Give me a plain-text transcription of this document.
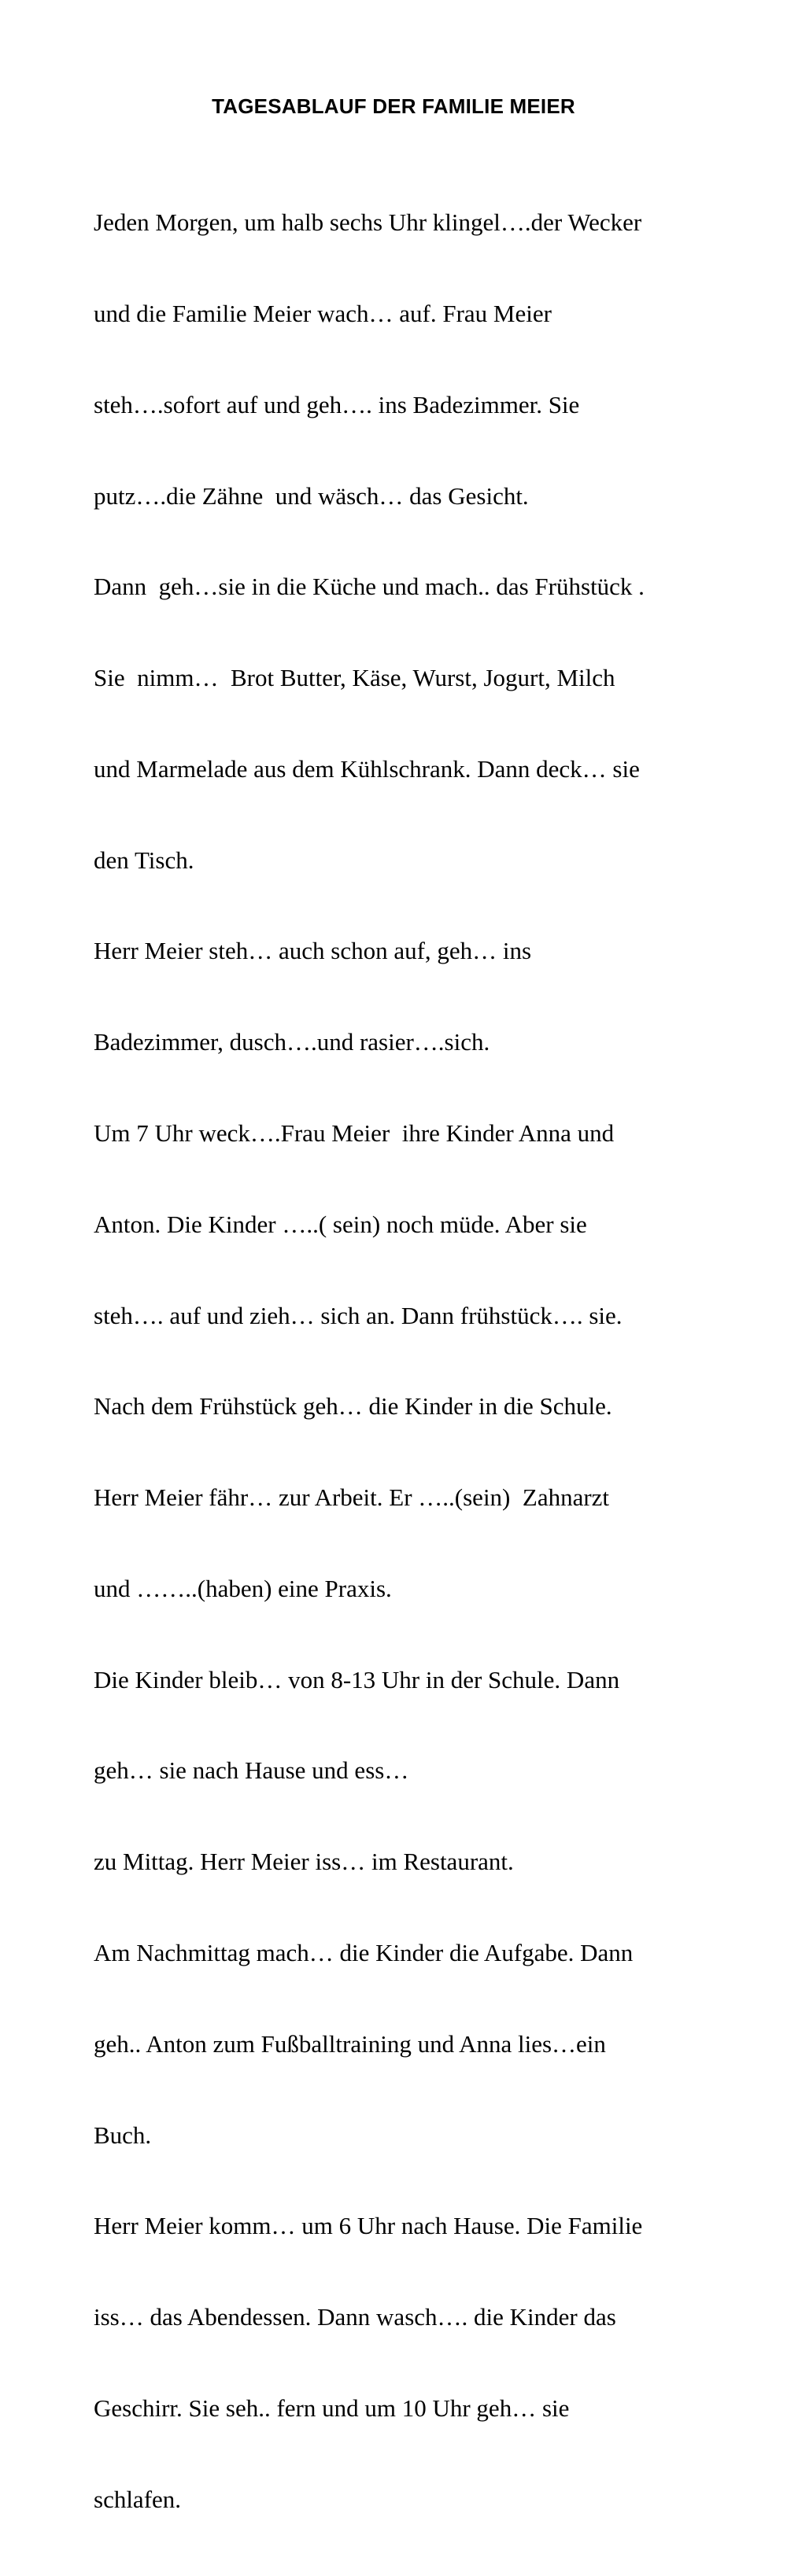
TAGESABLAUF DER FAMILIE MEIER

Jeden Morgen, um halb sechs Uhr klingel….der Wecker

und die Familie Meier wach… auf. Frau Meier

steh….sofort auf und geh…. ins Badezimmer. Sie

putz….die Zähne  und wäsch… das Gesicht.

Dann  geh…sie in die Küche und mach.. das Frühstück .

Sie  nimm…  Brot Butter, Käse, Wurst, Jogurt, Milch

und Marmelade aus dem Kühlschrank. Dann deck… sie

den Tisch.

Herr Meier steh… auch schon auf, geh… ins

Badezimmer, dusch….und rasier….sich.

Um 7 Uhr weck….Frau Meier  ihre Kinder Anna und

Anton. Die Kinder …..( sein) noch müde. Aber sie

steh…. auf und zieh… sich an. Dann frühstück…. sie.

Nach dem Frühstück geh… die Kinder in die Schule.

Herr Meier fähr… zur Arbeit. Er …..(sein)  Zahnarzt

und ……..(haben) eine Praxis.

Die Kinder bleib… von 8-13 Uhr in der Schule. Dann

geh… sie nach Hause und ess…

zu Mittag. Herr Meier iss… im Restaurant.

Am Nachmittag mach… die Kinder die Aufgabe. Dann

geh.. Anton zum Fußballtraining und Anna lies…ein

Buch.

Herr Meier komm… um 6 Uhr nach Hause. Die Familie

iss… das Abendessen. Dann wasch…. die Kinder das

Geschirr. Sie seh.. fern und um 10 Uhr geh… sie

schlafen.
